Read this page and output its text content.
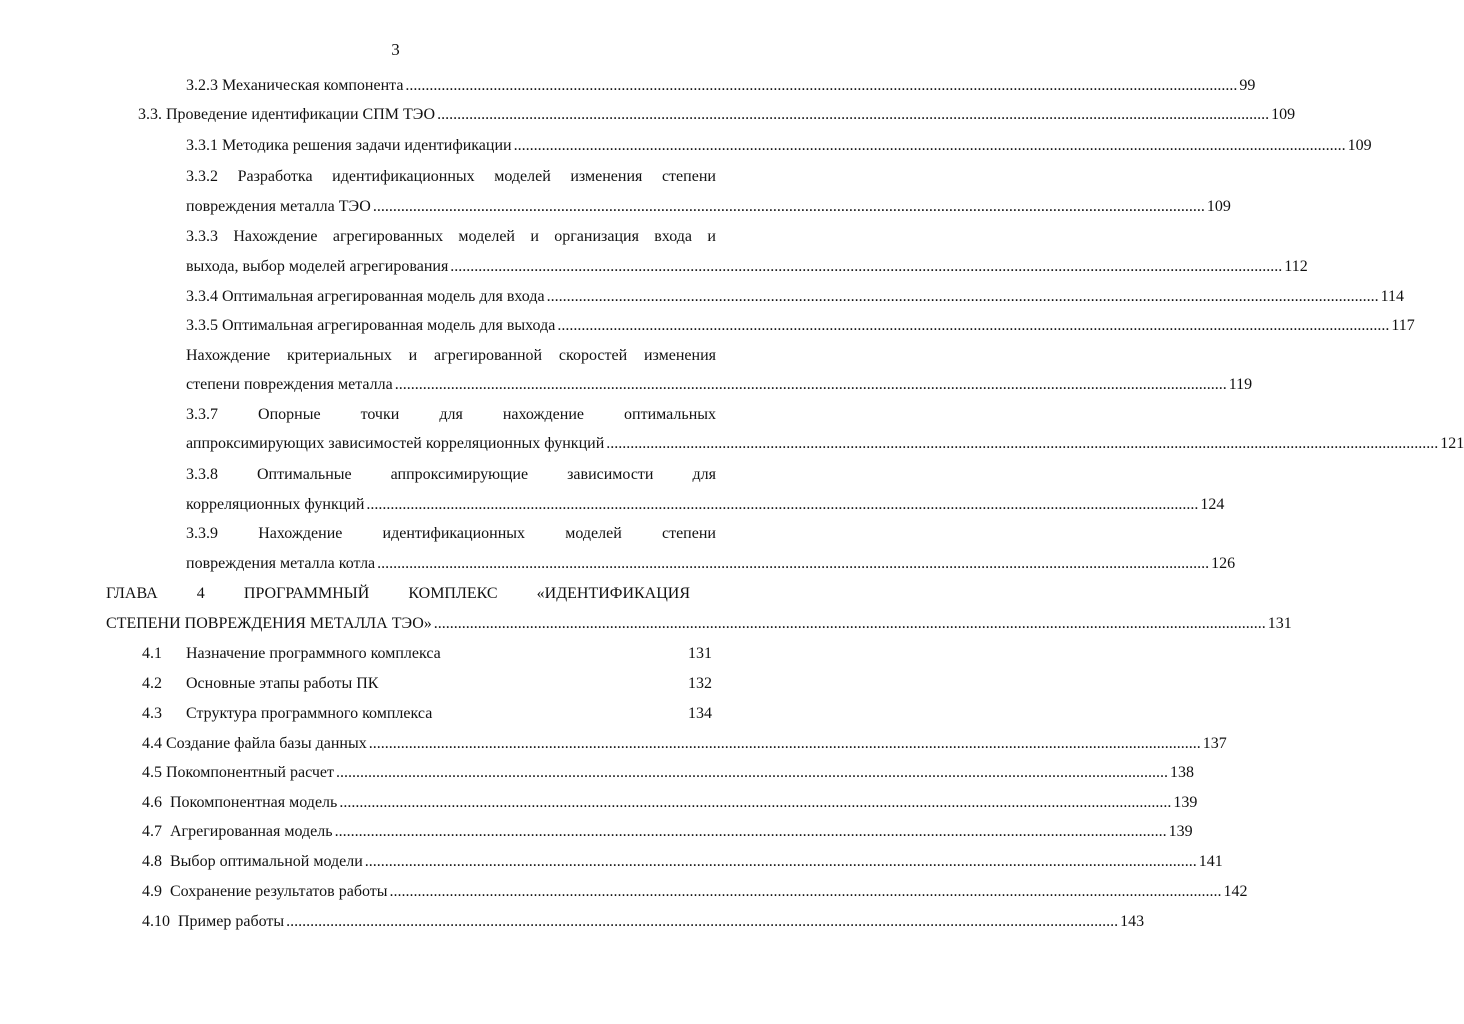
3
3.2.3 Механическая компонента .....	99
3.3. Проведение идентификации СПМ ТЭО .....	109
3.3.1 Методика решения задачи идентификации .....	109
3.3.2 Разработка идентификационных моделей изменения степени
повреждения металла ТЭО .....	109
3.3.3 Нахождение агрегированных моделей и организация входа и
выхода, выбор моделей агрегирования .....	112
3.3.4 Оптимальная агрегированная модель для входа .....	114
3.3.5 Оптимальная агрегированная модель для выхода .....	117
Нахождение критериальных и агрегированной скоростей изменения
степени повреждения металла .....	119
3.3.7	Опорные	точки	для	нахождение	оптимальных
аппроксимирующих зависимостей корреляционных функций .....	121
3.3.8 Оптимальные аппроксимирующие зависимости для
корреляционных функций .....	124
3.3.9	Нахождение	идентификационных	моделей	степени
повреждения металла котла .....	126
ГЛАВА 4 ПРОГРАММНЫЙ КОМПЛЕКС «ИДЕНТИФИКАЦИЯ
СТЕПЕНИ ПОВРЕЖДЕНИЯ МЕТАЛЛА ТЭО» .....	131
4.1	Назначение программного комплекса	131
4.2	Основные этапы работы ПК	132
4.3	Структура программного комплекса	134
4.4 Создание файла базы данных .....	137
4.5 Покомпонентный расчет .....	138
4.6  Покомпонентная модель .....	139
4.7  Агрегированная модель .....	139
4.8  Выбор оптимальной модели .....	141
4.9  Сохранение результатов работы .....	142
4.10  Пример работы .....	143
